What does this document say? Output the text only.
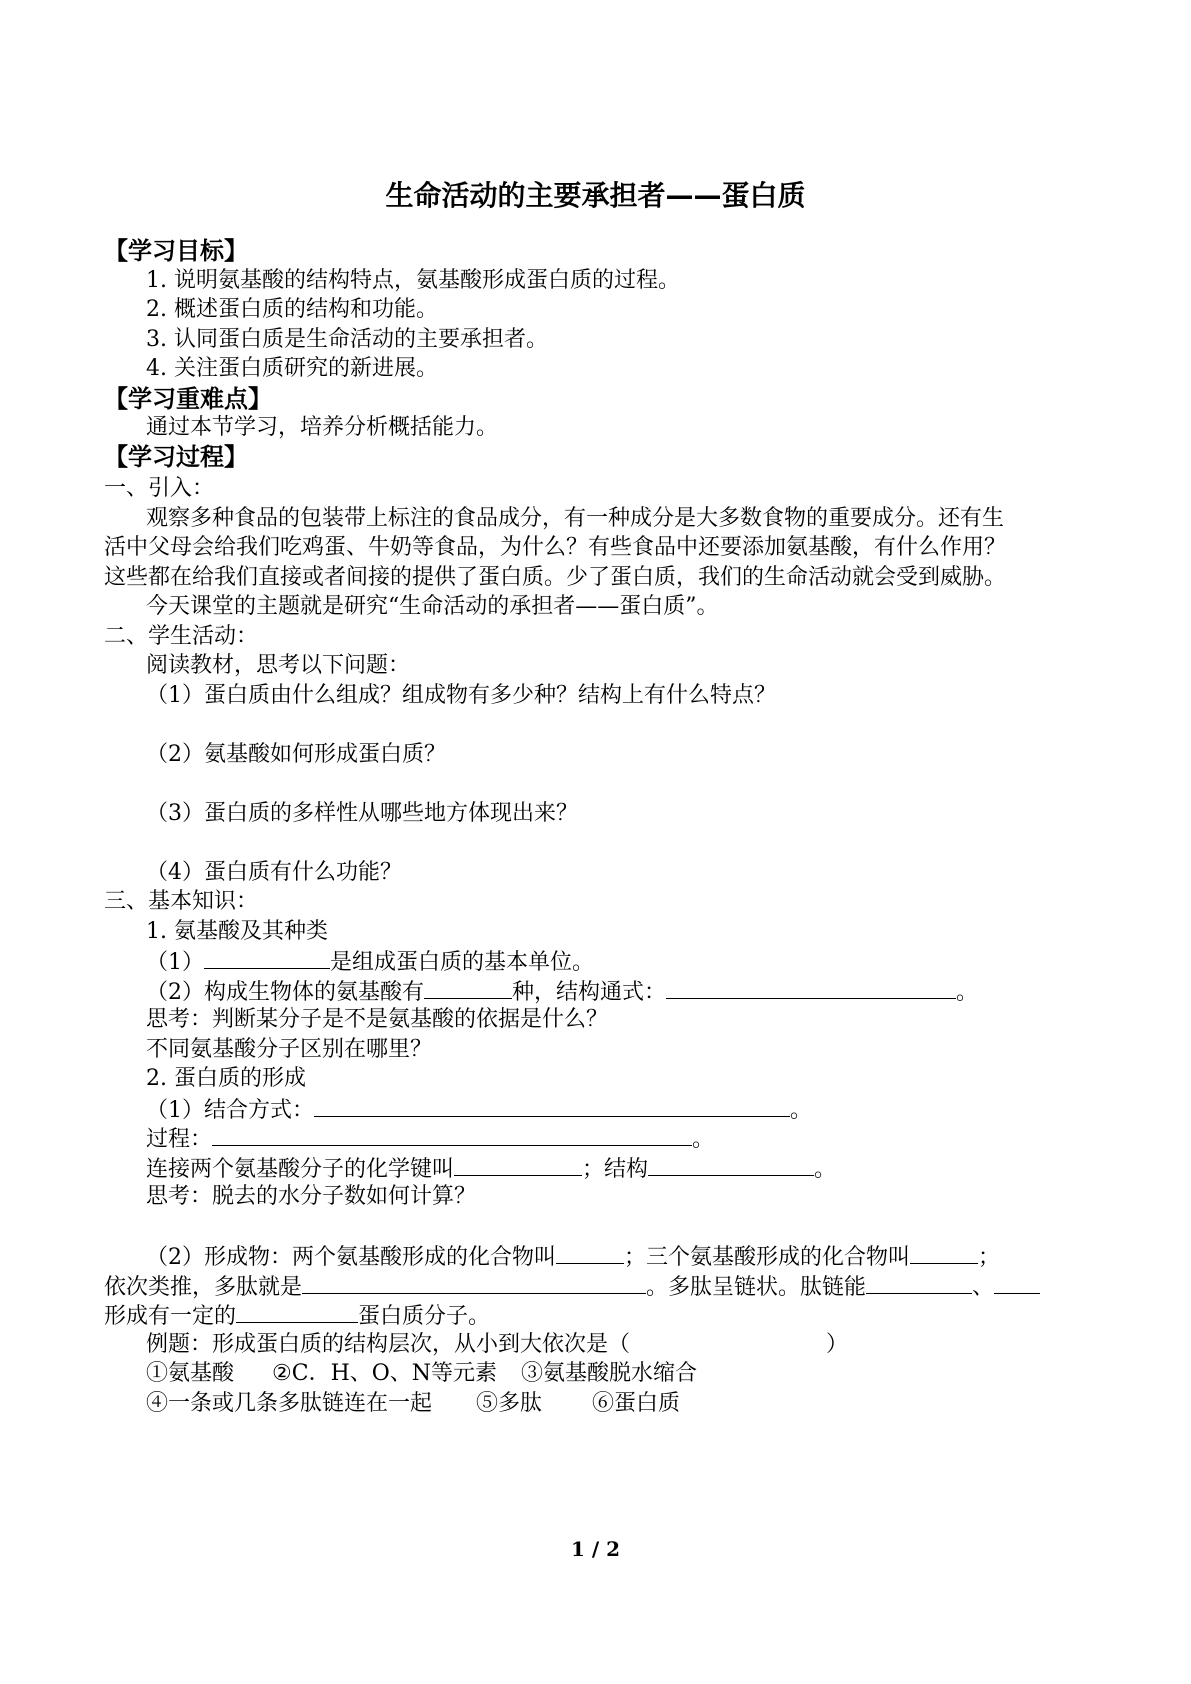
生命活动的主要承担者——蛋白质
【学习目标】
1. 说明氨基酸的结构特点，氨基酸形成蛋白质的过程。
2. 概述蛋白质的结构和功能。
3. 认同蛋白质是生命活动的主要承担者。
4. 关注蛋白质研究的新进展。
【学习重难点】
通过本节学习，培养分析概括能力。
【学习过程】
一、引入：
观察多种食品的包装带上标注的食品成分，有一种成分是大多数食物的重要成分。还有生
活中父母会给我们吃鸡蛋、牛奶等食品，为什么？有些食品中还要添加氨基酸，有什么作用？
这些都在给我们直接或者间接的提供了蛋白质。少了蛋白质，我们的生命活动就会受到威胁。
今天课堂的主题就是研究“生命活动的承担者——蛋白质”。
二、学生活动：
阅读教材，思考以下问题：
（1）蛋白质由什么组成？组成物有多少种？结构上有什么特点？
（2）氨基酸如何形成蛋白质？
（3）蛋白质的多样性从哪些地方体现出来？
（4）蛋白质有什么功能？
三、基本知识：
1. 氨基酸及其种类
（1）	是组成蛋白质的基本单位。
（2）构成生物体的氨基酸有	种，结构通式：	。
思考：判断某分子是不是氨基酸的依据是什么？
不同氨基酸分子区别在哪里？
2. 蛋白质的形成
（1）结合方式：	。
过程：	。
连接两个氨基酸分子的化学键叫	；结构	。
思考：脱去的水分子数如何计算？
（2）形成物：两个氨基酸形成的化合物叫	；三个氨基酸形成的化合物叫	；
依次类推，多肽就是	。多肽呈链状。肽链能	、
形成有一定的	蛋白质分子。
例题：形成蛋白质的结构层次，从小到大依次是（	）
①氨基酸 ②C．H、O、N等元素 ③氨基酸脱水缩合
④一条或几条多肽链连在一起 ⑤多肽 ⑥蛋白质
1 / 2
